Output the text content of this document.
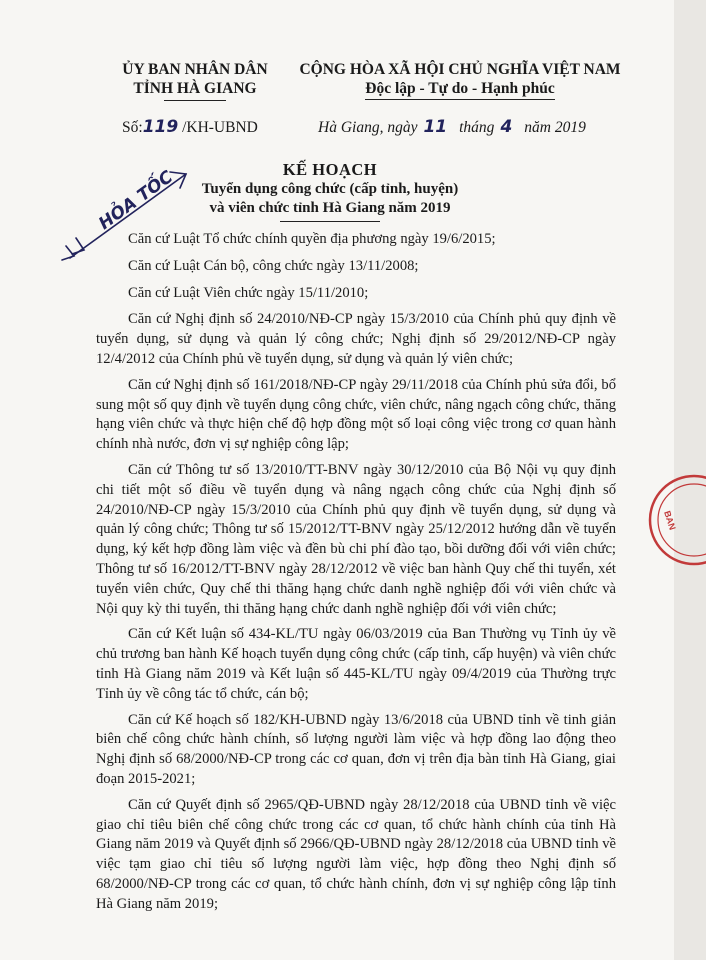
ỦY BAN NHÂN DÂN
TỈNH HÀ GIANG
CỘNG HÒA XÃ HỘI CHỦ NGHĨA VIỆT NAM
Độc lập - Tự do - Hạnh phúc
Số:119 /KH-UBND	Hà Giang, ngày 11 tháng 4 năm 2019
HỎA TỐC	KẾ HOẠCH
Tuyển dụng công chức (cấp tỉnh, huyện)
và viên chức tỉnh Hà Giang năm 2019

Căn cứ Luật Tổ chức chính quyền địa phương ngày 19/6/2015;

Căn cứ Luật Cán bộ, công chức ngày 13/11/2008;

Căn cứ Luật Viên chức ngày 15/11/2010;

Căn cứ Nghị định số 24/2010/NĐ-CP ngày 15/3/2010 của Chính phủ quy định về tuyển dụng, sử dụng và quản lý công chức; Nghị định số 29/2012/NĐ-CP ngày 12/4/2012 của Chính phủ về tuyển dụng, sử dụng và quản lý viên chức;

Căn cứ Nghị định số 161/2018/NĐ-CP ngày 29/11/2018 của Chính phủ sửa đổi, bổ sung một số quy định về tuyển dụng công chức, viên chức, nâng ngạch công chức, thăng hạng viên chức và thực hiện chế độ hợp đồng một số loại công việc trong cơ quan hành chính nhà nước, đơn vị sự nghiệp công lập;

Căn cứ Thông tư số 13/2010/TT-BNV ngày 30/12/2010 của Bộ Nội vụ quy định chi tiết một số điều về tuyển dụng và nâng ngạch công chức của Nghị định số 24/2010/NĐ-CP ngày 15/3/2010 của Chính phủ quy định về tuyển dụng, sử dụng và quản lý công chức; Thông tư số 15/2012/TT-BNV ngày 25/12/2012 hướng dẫn về tuyển dụng, ký kết hợp đồng làm việc và đền bù chi phí đào tạo, bồi dưỡng đối với viên chức; Thông tư số 16/2012/TT-BNV ngày 28/12/2012 về việc ban hành Quy chế thi tuyển, xét tuyển viên chức, Quy chế thi thăng hạng chức danh nghề nghiệp đối với viên chức và Nội quy kỳ thi tuyển, thi thăng hạng chức danh nghề nghiệp đối với viên chức;

Căn cứ Kết luận số 434-KL/TU ngày 06/03/2019 của Ban Thường vụ Tỉnh ủy về chủ trương ban hành Kế hoạch tuyển dụng công chức (cấp tỉnh, cấp huyện) và viên chức tỉnh Hà Giang năm 2019 và Kết luận số 445-KL/TU ngày 09/4/2019 của Thường trực Tỉnh ủy về công tác tổ chức, cán bộ;

Căn cứ Kế hoạch số 182/KH-UBND ngày 13/6/2018 của UBND tỉnh về tinh giản biên chế công chức hành chính, số lượng người làm việc và hợp đồng lao động theo Nghị định số 68/2000/NĐ-CP trong các cơ quan, đơn vị trên địa bàn tỉnh Hà Giang, giai đoạn 2015-2021;

Căn cứ Quyết định số 2965/QĐ-UBND ngày 28/12/2018 của UBND tỉnh về việc giao chỉ tiêu biên chế công chức trong các cơ quan, tổ chức hành chính của tỉnh Hà Giang năm 2019 và Quyết định số 2966/QĐ-UBND ngày 28/12/2018 của UBND tỉnh về việc tạm giao chỉ tiêu số lượng người làm việc, hợp đồng theo Nghị định số 68/2000/NĐ-CP trong các cơ quan, tổ chức hành chính, đơn vị sự nghiệp công lập tỉnh Hà Giang năm 2019;

BAN
